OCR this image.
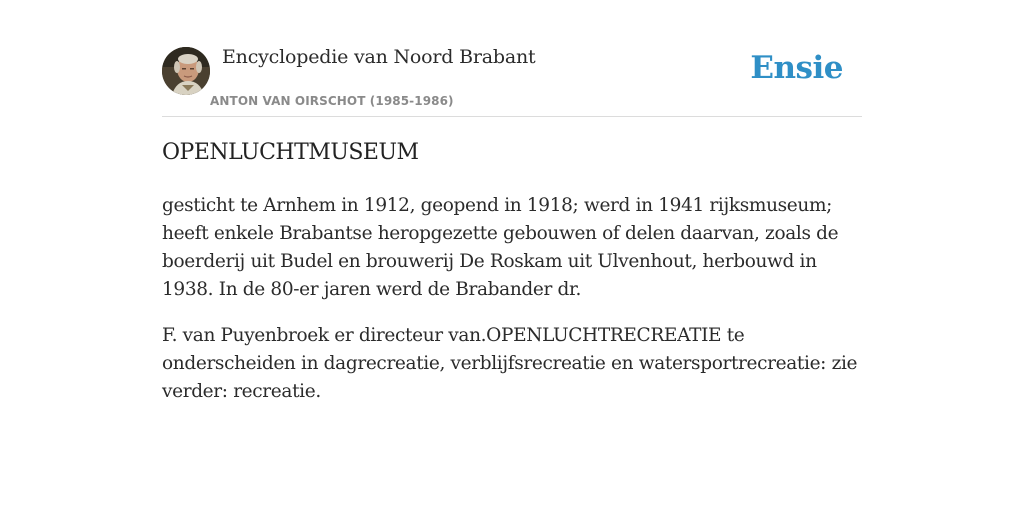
Encyclopedie van Noord Brabant
ANTON VAN OIRSCHOT (1985-1986)
Ensie
OPENLUCHTMUSEUM

gesticht te Arnhem in 1912, geopend in 1918; werd in 1941 rijksmuseum; heeft enkele Brabantse heropgezette gebouwen of delen daarvan, zoals de boerderij uit Budel en brouwerij De Roskam uit Ulvenhout, herbouwd in 1938. In de 80-er jaren werd de Brabander dr.

F. van Puyenbroek er directeur van.OPENLUCHTRECREATIE te onderscheiden in dagrecreatie, verblijfsrecreatie en watersportrecreatie: zie verder: recreatie.
